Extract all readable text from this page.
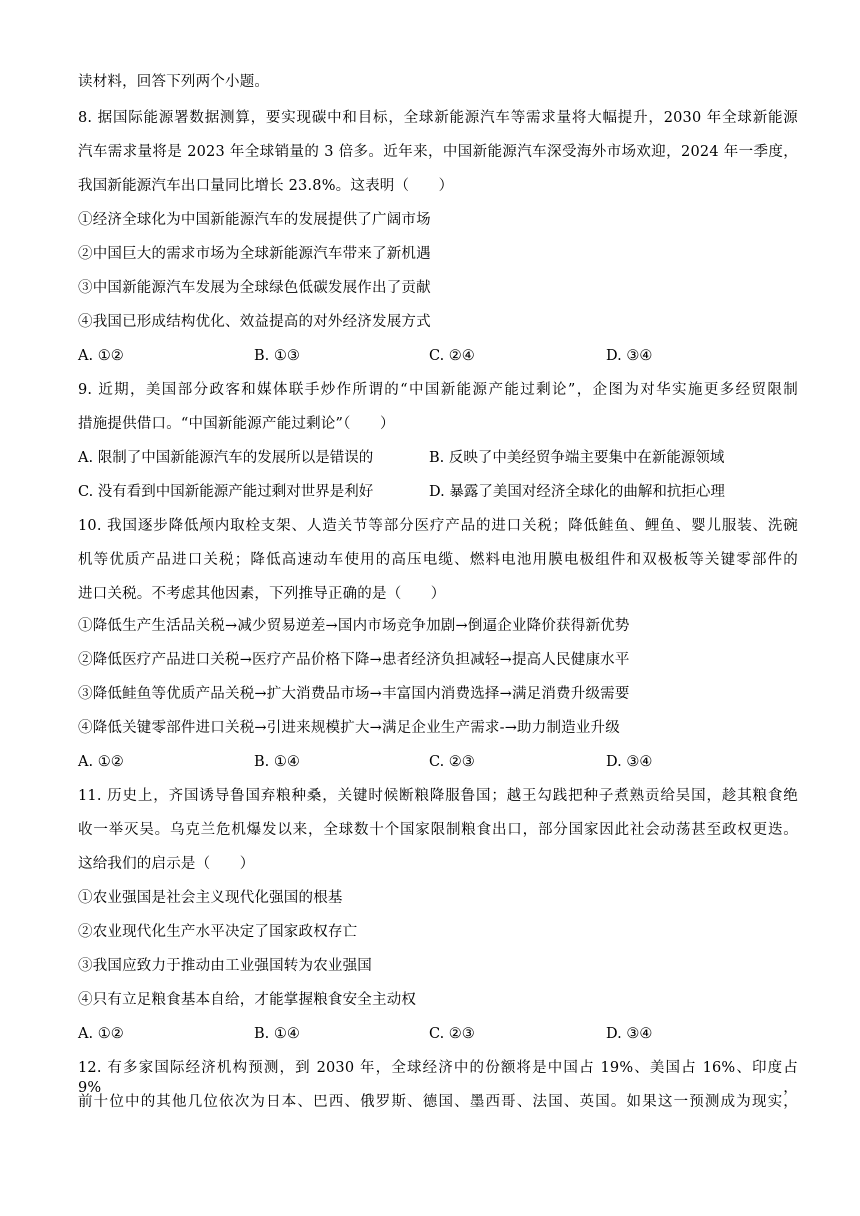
读材料，回答下列两个小题。
8. 据国际能源署数据测算，要实现碳中和目标，全球新能源汽车等需求量将大幅提升，2030 年全球新能源
汽车需求量将是 2023 年全球销量的 3 倍多。近年来，中国新能源汽车深受海外市场欢迎，2024 年一季度，
我国新能源汽车出口量同比增长 23.8%。这表明（　　）
①经济全球化为中国新能源汽车的发展提供了广阔市场
②中国巨大的需求市场为全球新能源汽车带来了新机遇
③中国新能源汽车发展为全球绿色低碳发展作出了贡献
④我国已形成结构优化、效益提高的对外经济发展方式
A. ①②	B. ①③	C. ②④	D. ③④
9. 近期，美国部分政客和媒体联手炒作所谓的“中国新能源产能过剩论”，企图为对华实施更多经贸限制
措施提供借口。“中国新能源产能过剩论”（　　）
A. 限制了中国新能源汽车的发展所以是错误的	B. 反映了中美经贸争端主要集中在新能源领域
C. 没有看到中国新能源产能过剩对世界是利好	D. 暴露了美国对经济全球化的曲解和抗拒心理
10. 我国逐步降低颅内取栓支架、人造关节等部分医疗产品的进口关税；降低鲑鱼、鲤鱼、婴儿服装、洗碗
机等优质产品进口关税；降低高速动车使用的高压电缆、燃料电池用膜电极组件和双极板等关键零部件的
进口关税。不考虑其他因素，下列推导正确的是（　　）
①降低生产生活品关税→减少贸易逆差→国内市场竞争加剧→倒逼企业降价获得新优势
②降低医疗产品进口关税→医疗产品价格下降→患者经济负担减轻→提高人民健康水平
③降低鲑鱼等优质产品关税→扩大消费品市场→丰富国内消费选择→满足消费升级需要
④降低关键零部件进口关税→引进来规模扩大→满足企业生产需求-→助力制造业升级
A. ①②	B. ①④	C. ②③	D. ③④
11. 历史上，齐国诱导鲁国弃粮种桑，关键时候断粮降服鲁国；越王勾践把种子煮熟贡给吴国，趁其粮食绝
收一举灭吴。乌克兰危机爆发以来，全球数十个国家限制粮食出口，部分国家因此社会动荡甚至政权更迭。
这给我们的启示是（　　）
①农业强国是社会主义现代化强国的根基
②农业现代化生产水平决定了国家政权存亡
③我国应致力于推动由工业强国转为农业强国
④只有立足粮食基本自给，才能掌握粮食安全主动权
A. ①②	B. ①④	C. ②③	D. ③④
12. 有多家国际经济机构预测，到 2030 年，全球经济中的份额将是中国占 19%、美国占 16%、印度占 9%，
前十位中的其他几位依次为日本、巴西、俄罗斯、德国、墨西哥、法国、英国。如果这一预测成为现实，
